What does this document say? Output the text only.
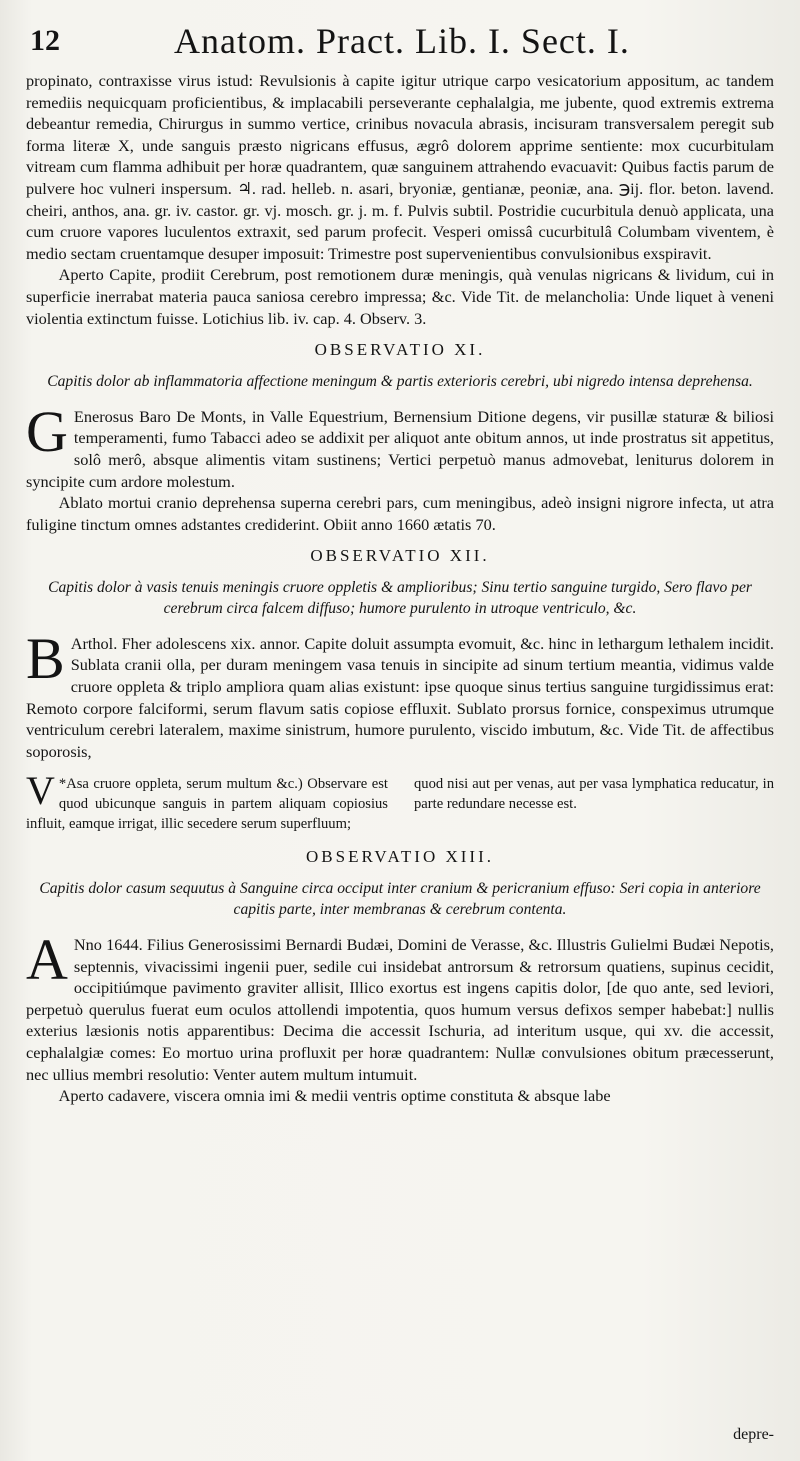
12	Anatom. Pract. Lib. I. Sect. I.

propinato, contraxisse virus istud: Revulsionis à capite igitur utrique carpo vesicatorium appositum, ac tandem remediis nequicquam proficientibus, & implacabili perseverante cephalalgia, me jubente, quod extremis extrema debeantur remedia, Chirurgus in summo vertice, crinibus novacula abrasis, incisuram transversalem peregit sub forma literæ X, unde sanguis præsto nigricans effusus, ægrô dolorem apprime sentiente: mox cucurbitulam vitream cum flamma adhibuit per horæ quadrantem, quæ sanguinem attrahendo evacuavit: Quibus factis parum de pulvere hoc vulneri inspersum. ♃. rad. helleb. n. asari, bryoniæ, gentianæ, peoniæ, ana. ℈ij. flor. beton. lavend. cheiri, anthos, ana. gr. iv. castor. gr. vj. mosch. gr. j. m. f. Pulvis subtil. Postridie cucurbitula denuò applicata, una cum cruore vapores luculentos extraxit, sed parum profecit. Vesperi omissâ cucurbitulâ Columbam viventem, è medio sectam cruentamque desuper imposuit: Trimestre post supervenientibus convulsionibus exspiravit.

Aperto Capite, prodiit Cerebrum, post remotionem duræ meningis, quà venulas nigricans & lividum, cui in superficie inerrabat materia pauca saniosa cerebro impressa; &c. Vide Tit. de melancholia: Unde liquet à veneni violentia extinctum fuisse. Lotichius lib. iv. cap. 4. Observ. 3.

OBSERVATIO XI.
Capitis dolor ab inflammatoria affectione meningum & partis exterioris cerebri, ubi nigredo intensa deprehensa.

G Enerosus Baro De Monts, in Valle Equestrium, Bernensium Ditione degens, vir pusillæ staturæ & biliosi temperamenti, fumo Tabacci adeo se addixit per aliquot ante obitum annos, ut inde prostratus sit appetitus, solô merô, absque alimentis vitam sustinens; Vertici perpetuò manus admovebat, leniturus dolorem in syncipite cum ardore molestum.

Ablato mortui cranio deprehensa superna cerebri pars, cum meningibus, adeò insigni nigrore infecta, ut atra fuligine tinctum omnes adstantes crediderint. Obiit anno 1660 ætatis 70.

OBSERVATIO XII.
Capitis dolor à vasis tenuis meningis cruore oppletis & amplioribus; Sinu tertio sanguine turgido, Sero flavo per cerebrum circa falcem diffuso; humore purulento in utroque ventriculo, &c.

B Arthol. Fher adolescens xix. annor. Capite doluit assumpta evomuit, &c. hinc in lethargum lethalem incidit. Sublata cranii olla, per duram meningem vasa tenuis in sincipite ad sinum tertium meantia, vidimus valde cruore oppleta & triplo ampliora quam alias existunt: ipse quoque sinus tertius sanguine turgidissimus erat: Remoto corpore falciformi, serum flavum satis copiose effluxit. Sublato prorsus fornice, conspeximus utrumque ventriculum cerebri lateralem, maxime sinistrum, humore purulento, viscido imbutum, &c. Vide Tit. de affectibus soporosis,

*
V Asa cruore oppleta, serum multum &c.) Observare est quod ubicunque sanguis in partem aliquam copiosius influit, eamque irrigat, illic secedere serum superfluum;
quod nisi aut per venas, aut per vasa lymphatica reducatur, in parte redundare necesse est.
OBSERVATIO XIII.
Capitis dolor casum sequutus à Sanguine circa occiput inter cranium & pericranium effuso: Seri copia in anteriore capitis parte, inter membranas & cerebrum contenta.

A Nno 1644. Filius Generosissimi Bernardi Budæi, Domini de Verasse, &c. Illustris Gulielmi Budæi Nepotis, septennis, vivacissimi ingenii puer, sedile cui insidebat antrorsum & retrorsum quatiens, supinus cecidit, occipitiúmque pavimento graviter allisit, Illico exortus est ingens capitis dolor, [de quo ante, sed leviori, perpetuò querulus fuerat eum oculos attollendi impotentia, quos humum versus defixos semper habebat:] nullis exterius læsionis notis apparentibus: Decima die accessit Ischuria, ad interitum usque, qui xv. die accessit, cephalalgiæ comes: Eo mortuo urina profluxit per horæ quadrantem: Nullæ convulsiones obitum præcesserunt, nec ullius membri resolutio: Venter autem multum intumuit.

Aperto cadavere, viscera omnia imi & medii ventris optime constituta & absque labe

depre-
